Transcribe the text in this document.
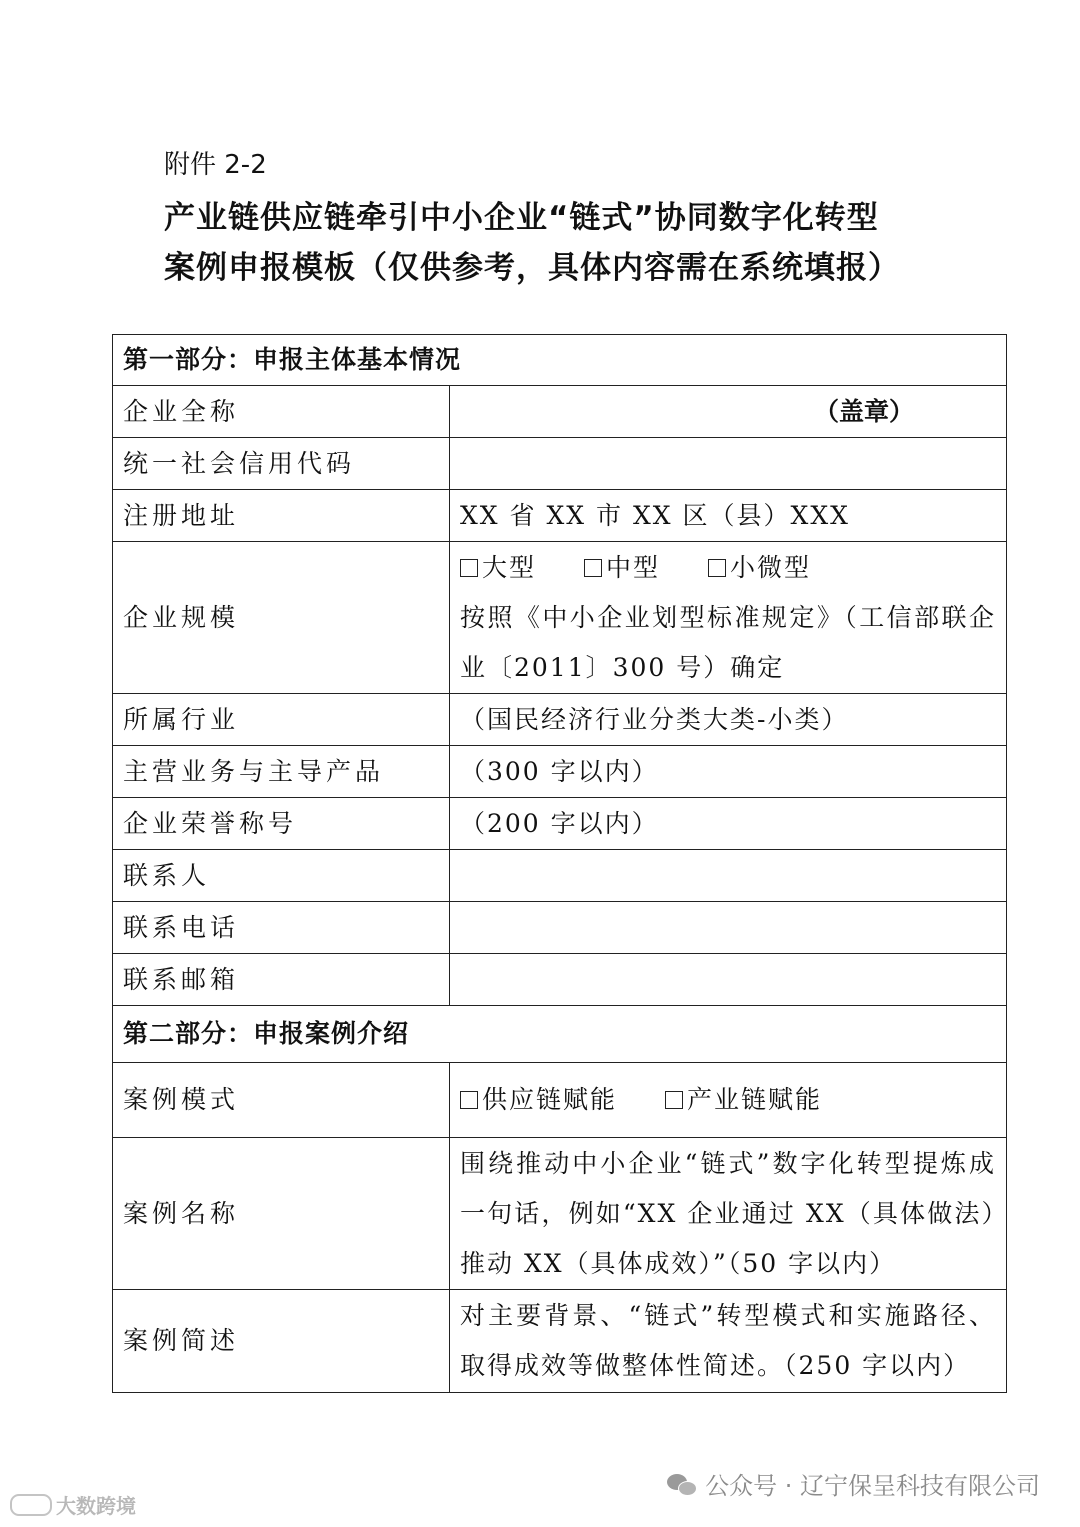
附件 2-2
产业链供应链牵引中小企业“链式”协同数字化转型
案例申报模板（仅供参考，具体内容需在系统填报）
第一部分：申报主体基本情况	
企业全称	（盖章）

统一社会信用代码	
注册地址	XX 省 XX 市 XX 区（县）XXX
企业规模	大型 中型 小微型
按照《中小企业划型标准规定》（工信部联企业〔2011〕300 号）确定

所属行业	（国民经济行业分类大类-小类）
主营业务与主导产品	（300 字以内）
企业荣誉称号	（200 字以内）
联系人	
联系电话	
联系邮箱	
第二部分：申报案例介绍	
案例模式	供应链赋能 产业链赋能

案例名称	围绕推动中小企业“链式”数字化转型提炼成一句话，例如“XX 企业通过 XX（具体做法）推动 XX（具体成效）”（50 字以内）

案例简述	对主要背景、“链式”转型模式和实施路径、取得成效等做整体性简述。（250 字以内）
公众号 · 辽宁保呈科技有限公司
大数跨境
